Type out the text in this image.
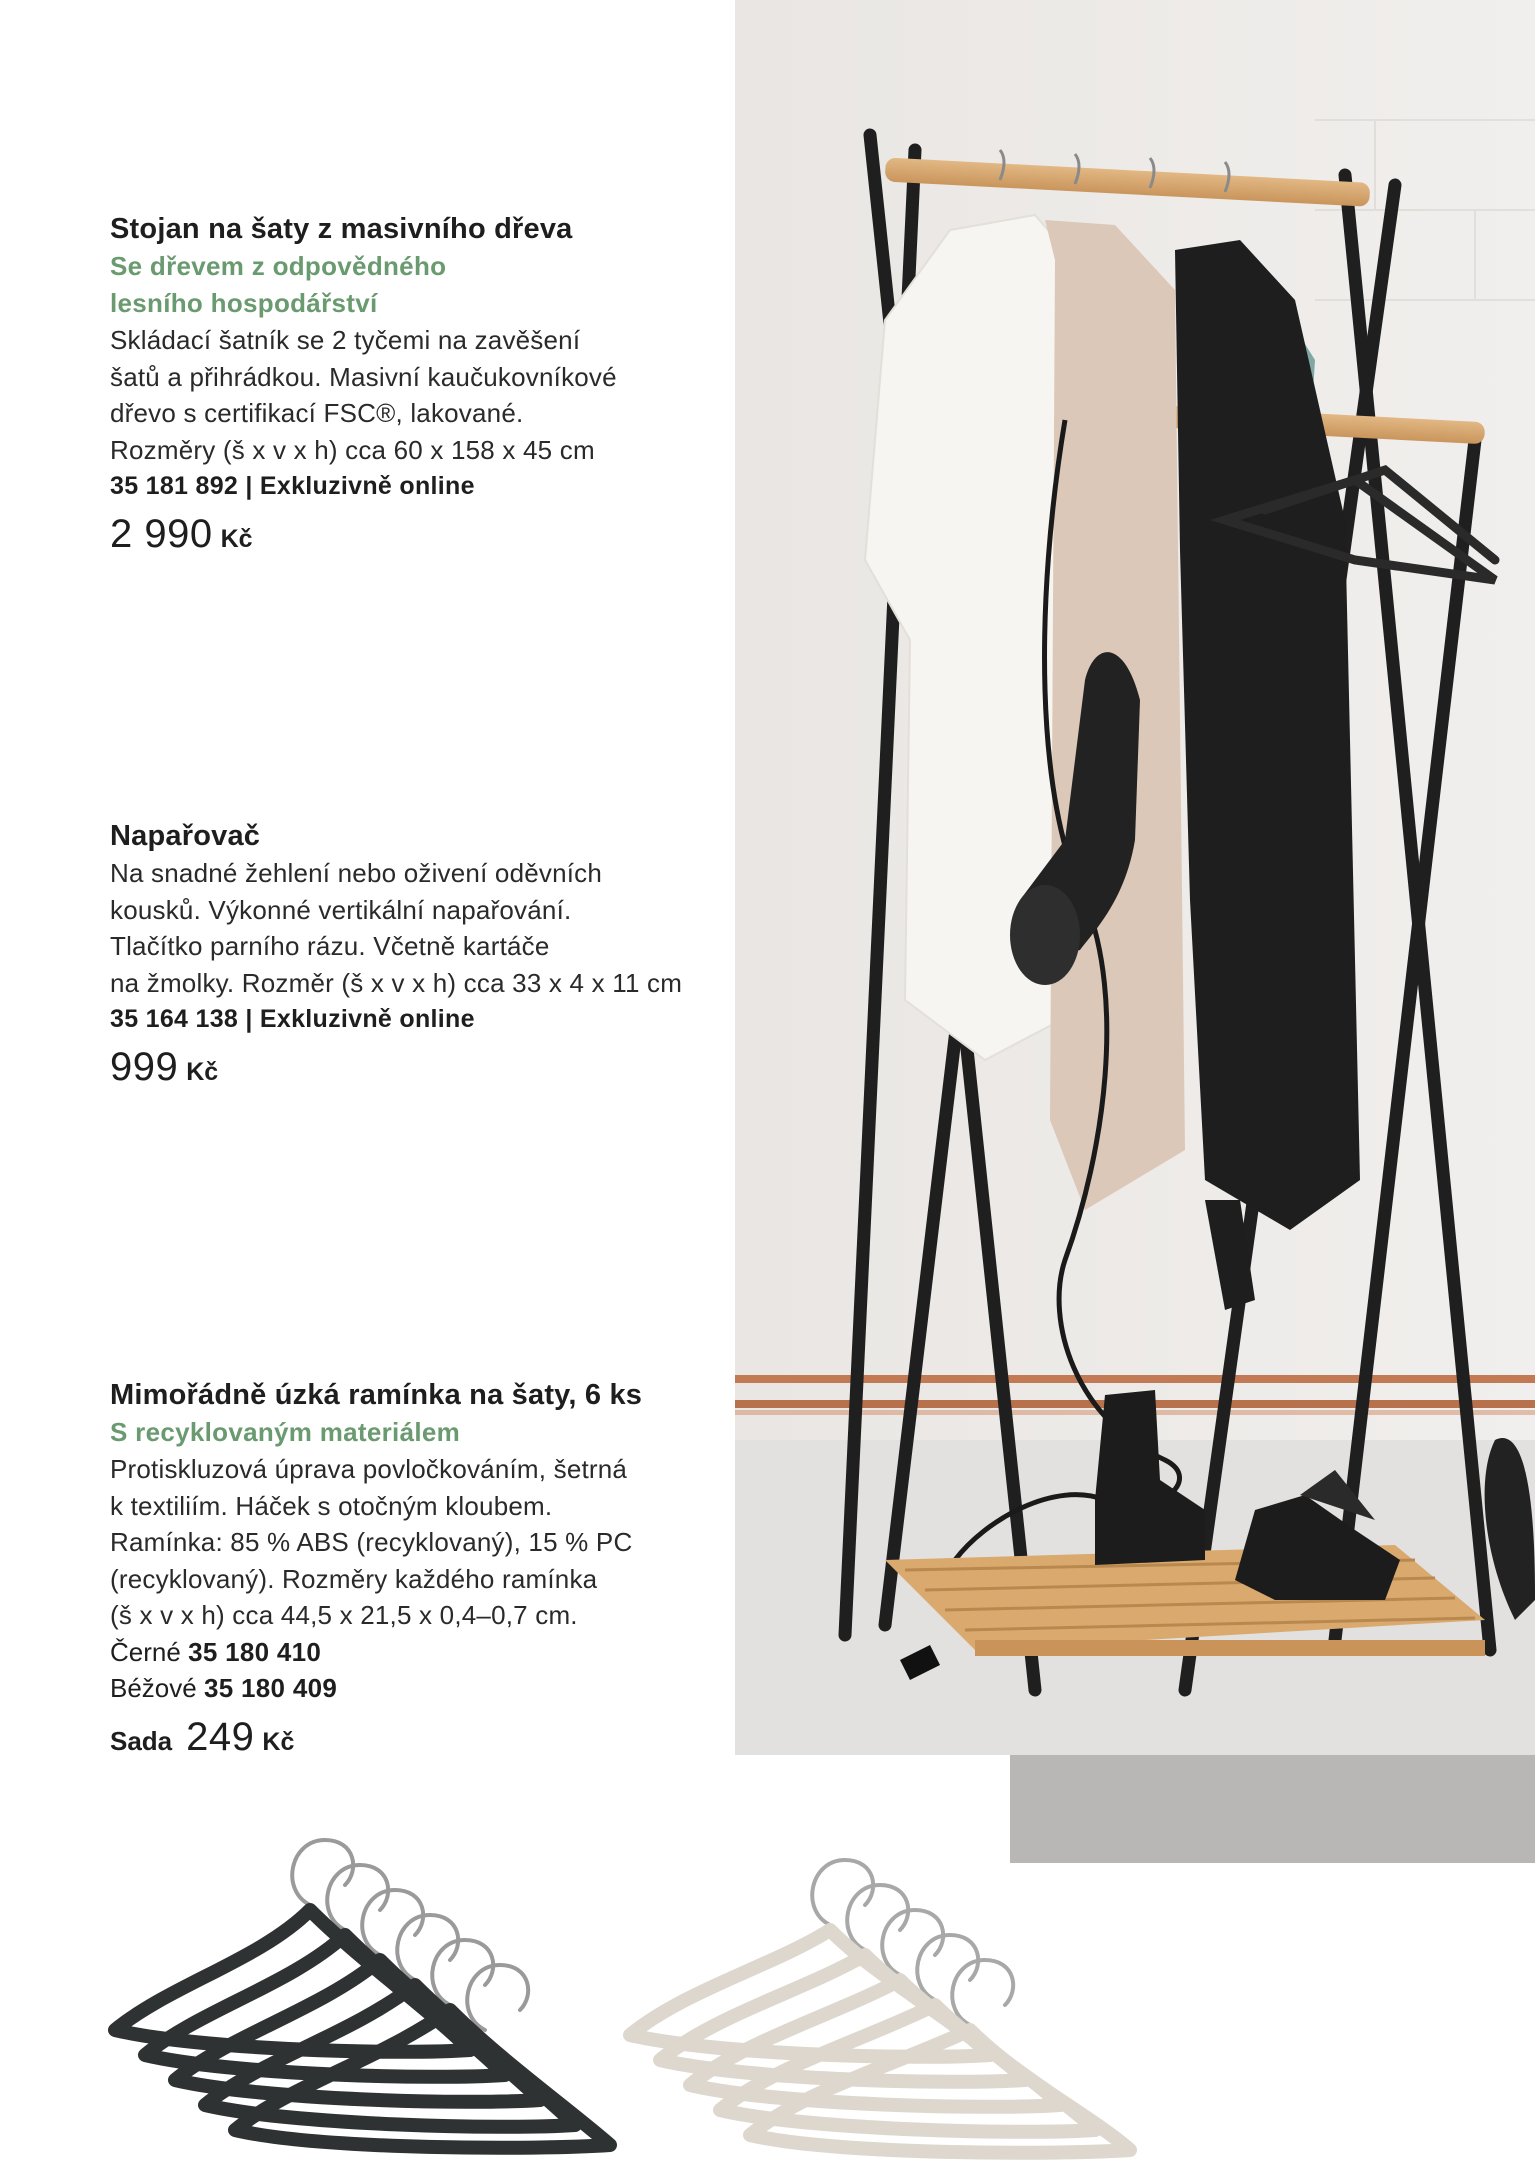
Stojan na šaty z masivního dřeva

Se dřevem z odpovědného

lesního hospodářství

Skládací šatník se 2 tyčemi na zavěšení

šatů a přihrádkou. Masivní kaučukovníkové

dřevo s certifikací FSC®, lakované.

Rozměry (š x v x h) cca 60 x 158 x 45 cm

35 181 892 | Exkluzivně online

2 990 Kč

Napařovač

Na snadné žehlení nebo oživení oděvních

kousků. Výkonné vertikální napařování.

Tlačítko parního rázu. Včetně kartáče

na žmolky. Rozměr (š x v x h) cca 33 x 4 x 11 cm

35 164 138 | Exkluzivně online

999 Kč

Mimořádně úzká ramínka na šaty, 6 ks

S recyklovaným materiálem

Protiskluzová úprava povločkováním, šetrná

k textiliím. Háček s otočným kloubem.

Ramínka: 85 % ABS (recyklovaný), 15 % PC

(recyklovaný). Rozměry každého ramínka

(š x v x h) cca 44,5 x 21,5 x 0,4–0,7 cm.

Černé 35 180 410

Béžové 35 180 409

Sada 249 Kč
